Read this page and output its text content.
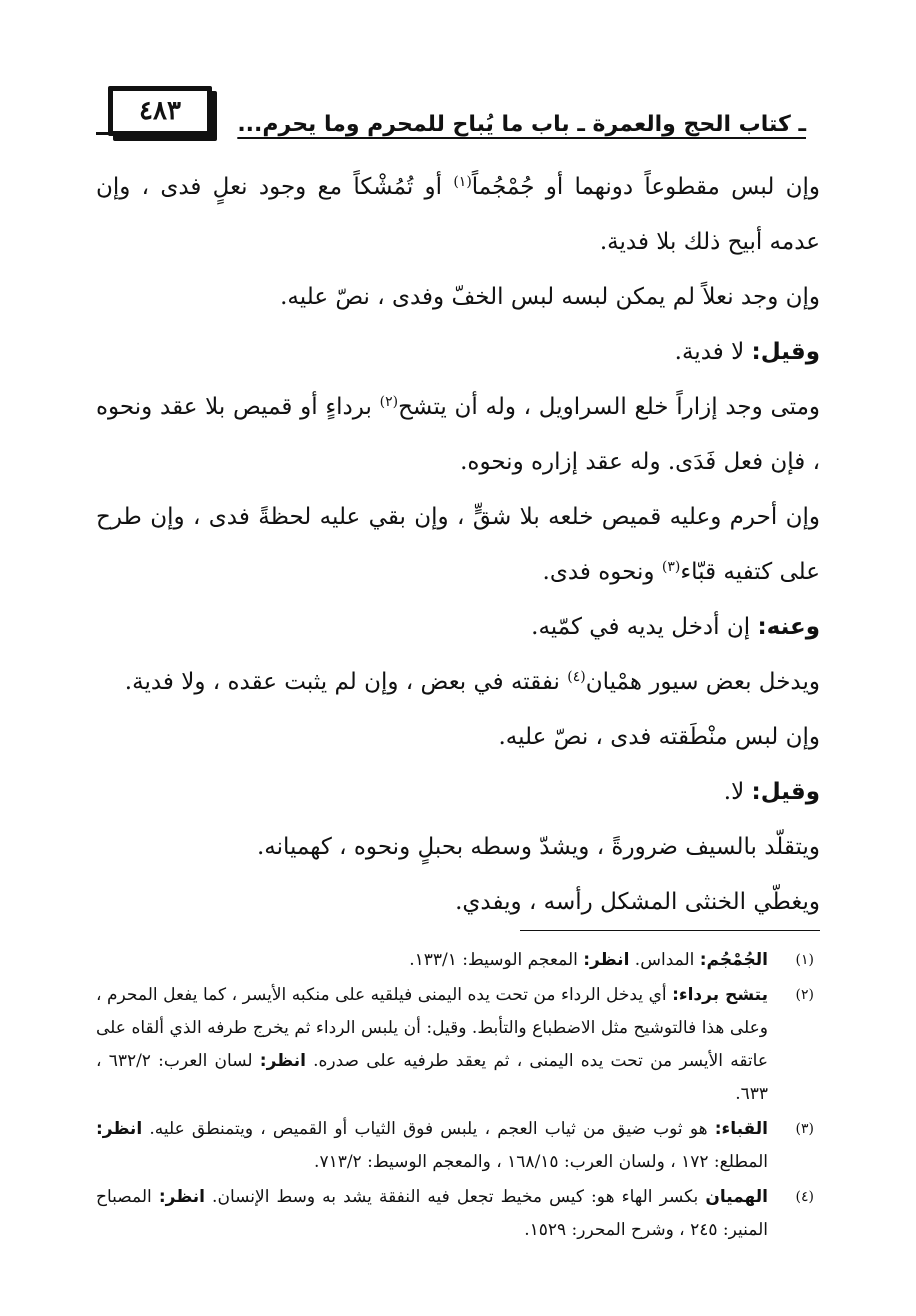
٤٨٣	ـ كتاب الحج والعمرة ـ باب ما يُباح للمحرم وما يحرم...

وإن لبس مقطوعاً دونهما أو جُمْجُماً$^{(١)}$ أو تُمُشْكاً مع وجود نعلٍ فدى ، وإن عدمه أبيح ذلك بلا فدية.

وإن وجد نعلاً لم يمكن لبسه لبس الخفّ وفدى ، نصّ عليه.

وقيل: لا فدية.

ومتى وجد إزاراً خلع السراويل ، وله أن يتشح$^{(٢)}$ برداءٍ أو قميص بلا عقد ونحوه ، فإن فعل فَدَى. وله عقد إزاره ونحوه.

وإن أحرم وعليه قميص خلعه بلا شقٍّ ، وإن بقي عليه لحظةً فدى ، وإن طرح على كتفيه قبّاء$^{(٣)}$ ونحوه فدى.

وعنه: إن أدخل يديه في كمّيه.

ويدخل بعض سيور همْيان$^{(٤)}$ نفقته في بعض ، وإن لم يثبت عقده ، ولا فدية.

وإن لبس منْطَقته فدى ، نصّ عليه.

وقيل: لا.

ويتقلّد بالسيف ضرورةً ، ويشدّ وسطه بحبلٍ ونحوه ، كهميانه.

ويغطّي الخنثى المشكل رأسه ، ويفدي.

(١)
الجُمْجُم: المداس. انظر: المعجم الوسيط: ١٣٣/١.
(٢)
يتشح برداء: أي يدخل الرداء من تحت يده اليمنى فيلقيه على منكبه الأيسر ، كما يفعل المحرم ، وعلى هذا فالتوشيح مثل الاضطباع والتأبط. وقيل: أن يلبس الرداء ثم يخرج طرفه الذي ألقاه على عاتقه الأيسر من تحت يده اليمنى ، ثم يعقد طرفيه على صدره. انظر: لسان العرب: ٦٣٢/٢ ، ٦٣٣.
(٣)
القباء: هو ثوب ضيق من ثياب العجم ، يلبس فوق الثياب أو القميص ، ويتمنطق عليه. انظر: المطلع: ١٧٢ ، ولسان العرب: ١٦٨/١٥ ، والمعجم الوسيط: ٧١٣/٢.
(٤)
الهميان بكسر الهاء هو: كيس مخيط تجعل فيه النفقة يشد به وسط الإنسان. انظر: المصباح المنير: ٢٤٥ ، وشرح المحرر: ١٥٢٩.
